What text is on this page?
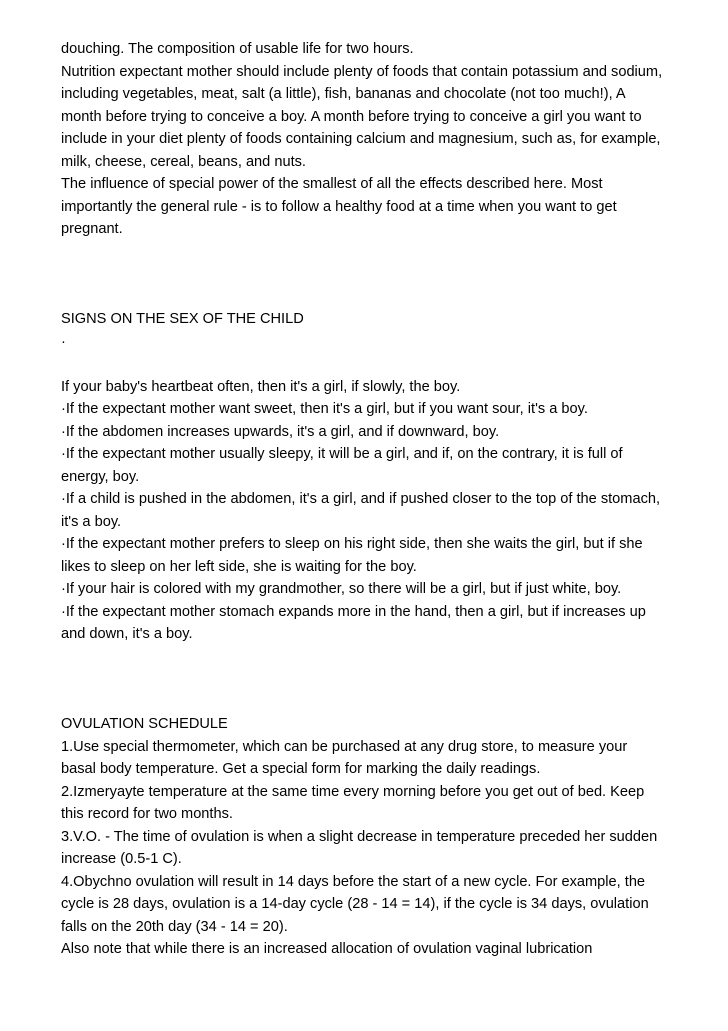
douching. The composition of usable life for two hours.
Nutrition expectant mother should include plenty of foods that contain potassium and sodium,
including vegetables, meat, salt (a little), fish, bananas and chocolate (not too much!), A
month before trying to conceive a boy. A month before trying to conceive a girl you want to
include in your diet plenty of foods containing calcium and magnesium, such as, for example,
milk, cheese, cereal, beans, and nuts.
The influence of special power of the smallest of all the effects described here. Most
importantly the general rule - is to follow a healthy food at a time when you want to get
pregnant.
SIGNS ON THE SEX OF THE CHILD
·
If your baby's heartbeat often, then it's a girl, if slowly, the boy.
·If the expectant mother want sweet, then it's a girl, but if you want sour, it's a boy.
·If the abdomen increases upwards, it's a girl, and if downward, boy.
·If the expectant mother usually sleepy, it will be a girl, and if, on the contrary, it is full of
energy, boy.
·If a child is pushed in the abdomen, it's a girl, and if pushed closer to the top of the stomach,
it's a boy.
·If the expectant mother prefers to sleep on his right side, then she waits the girl, but if she
likes to sleep on her left side, she is waiting for the boy.
·If your hair is colored with my grandmother, so there will be a girl, but if just white, boy.
·If the expectant mother stomach expands more in the hand, then a girl, but if increases up
and down, it's a boy.
OVULATION SCHEDULE
1.Use special thermometer, which can be purchased at any drug store, to measure your
basal body temperature. Get a special form for marking the daily readings.
2.Izmeryayte temperature at the same time every morning before you get out of bed. Keep
this record for two months.
3.V.O. - The time of ovulation is when a slight decrease in temperature preceded her sudden
increase (0.5-1 C).
4.Obychno ovulation will result in 14 days before the start of a new cycle. For example, the
cycle is 28 days, ovulation is a 14-day cycle (28 - 14 = 14), if the cycle is 34 days, ovulation
falls on the 20th day (34 - 14 = 20).
Also note that while there is an increased allocation of ovulation vaginal lubrication
